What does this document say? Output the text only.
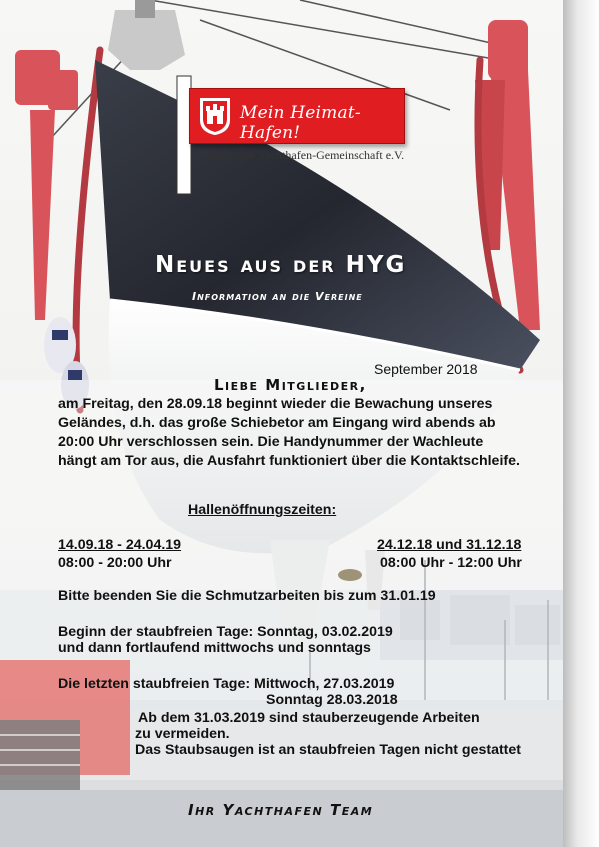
Mein Heimat-Hafen!
Hamburger Yachthafen-Gemeinschaft e.V.
Neues aus der HYG
Information an die Vereine
September 2018
Liebe Mitglieder,
am Freitag, den 28.09.18 beginnt wieder die Bewachung unseres
Geländes, d.h. das große Schiebetor am Eingang wird abends ab
20:00 Uhr verschlossen sein. Die Handynummer der Wachleute
hängt am Tor aus, die Ausfahrt funktioniert über die Kontaktschleife.
Hallenöffnungszeiten:
14.09.18 - 24.04.19
08:00 - 20:00 Uhr
24.12.18 und 31.12.18
08:00 Uhr - 12:00 Uhr
Bitte beenden Sie die Schmutzarbeiten bis zum 31.01.19
Beginn der staubfreien Tage: Sonntag, 03.02.2019
und dann fortlaufend mittwochs und sonntags
Die letzten staubfreien Tage: Mittwoch, 27.03.2019
Sonntag 28.03.2018
Ab dem 31.03.2019 sind stauberzeugende Arbeiten
zu vermeiden.
Das Staubsaugen ist an staubfreien Tagen nicht gestattet
Ihr Yachthafen Team
